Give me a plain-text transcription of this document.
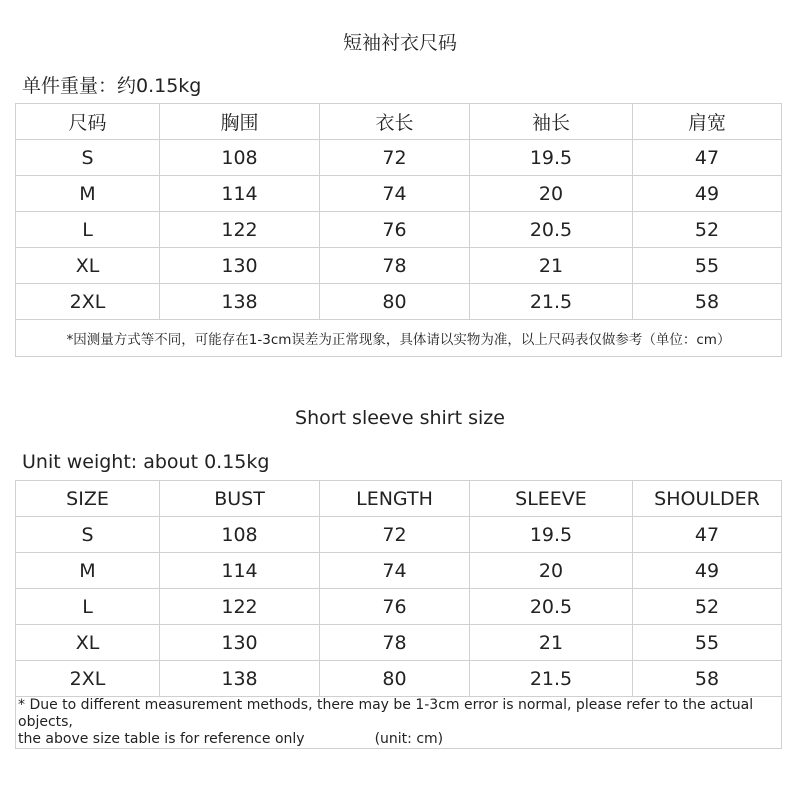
短袖衬衣尺码
单件重量：约0.15kg
尺码	胸围	衣长	袖长	肩宽
S	108	72	19.5	47
M	114	74	20	49
L	122	76	20.5	52
XL	130	78	21	55
2XL	138	80	21.5	58
*因测量方式等不同，可能存在1-3cm误差为正常现象，具体请以实物为准，以上尺码表仅做参考（单位：cm）				
Short sleeve shirt size
Unit weight: about 0.15kg
SIZE	BUST	LENGTH	SLEEVE	SHOULDER
S	108	72	19.5	47
M	114	74	20	49
L	122	76	20.5	52
XL	130	78	21	55
2XL	138	80	21.5	58

* Due to different measurement methods, there may be 1-3cm error is normal, please refer to the actual objects,
the above size table is for reference only (unit: cm)				
